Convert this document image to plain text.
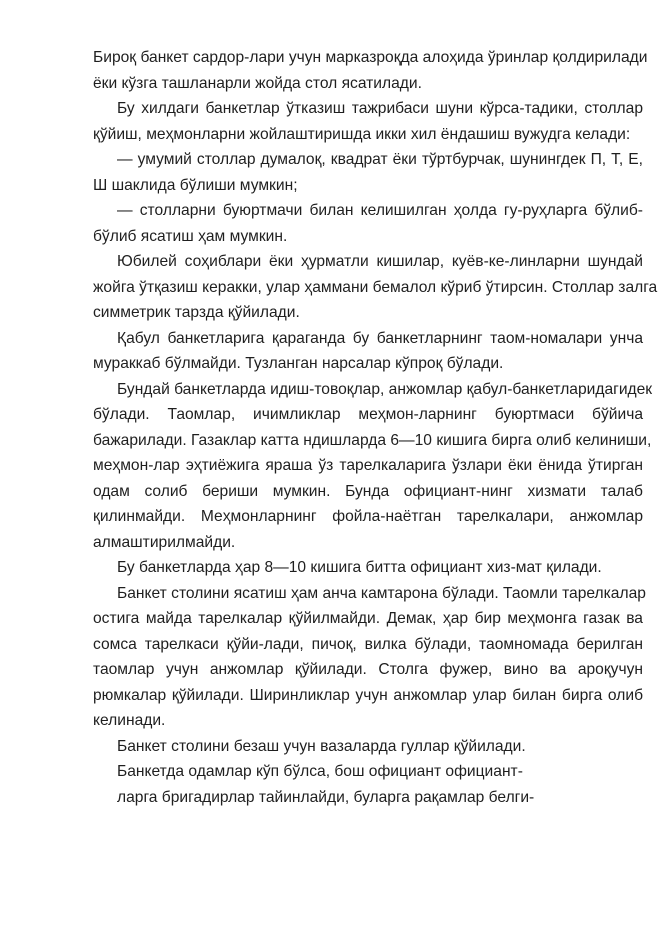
Бироқ банкет сардор-лари учун марказроқда алоҳида ўринлар қолдирилади
ёки кўзга ташланарли жойда стол ясатилади.
Бу хилдаги банкетлар ўтказиш тажрибаси шуни кўрса-тадики, столлар
қўйиш, меҳмонларни жойлаштиришда икки хил ёндашиш вужудга келади:
— умумий столлар думалоқ, квадрат ёки тўртбурчак, шунингдек П, Т, Е,
Ш шаклида бўлиши мумкин;
— столларни буюртмачи билан келишилган ҳолда гу-руҳларга бўлиб-
бўлиб ясатиш ҳам мумкин.
Юбилей соҳиблари ёки ҳурматли кишилар, куёв-ке-линларни шундай
жойга ўтқазиш керакки, улар ҳаммани бемалол кўриб ўтирсин. Столлар залга
симметрик тарзда қўйилади.
Қабул банкетларига қараганда бу банкетларнинг таом-номалари унча
мураккаб бўлмайди. Тузланган нарсалар кўпроқ бўлади.
Бундай банкетларда идиш-товоқлар, анжомлар қабул-банкетларидагидек
бўлади. Таомлар, ичимликлар меҳмон-ларнинг буюртмаси бўйича
бажарилади. Газаклар катта ндишларда 6—10 кишига бирга олиб келиниши,
меҳмон-лар эҳтиёжига яраша ўз тарелкаларига ўзлари ёки ёнида ўтирган
одам солиб бериши мумкин. Бунда официант-нинг хизмати талаб
қилинмайди. Меҳмонларнинг фойла-наётган тарелкалари, анжомлар
алмаштирилмайди.
Бу банкетларда ҳар 8—10 кишига битта официант хиз-мат қилади.
Банкет столини ясатиш ҳам анча камтарона бўлади. Таомли тарелкалар
остига майда тарелкалар қўйилмайди. Демак, ҳар бир меҳмонга газак ва
сомса тарелкаси қўйи-лади, пичоқ, вилка бўлади, таомномада берилган
таомлар учун анжомлар қўйилади. Столга фужер, вино ва ароқучун
рюмкалар қўйилади. Ширинликлар учун анжомлар улар билан бирга олиб
келинади.
Банкет столини безаш учун вазаларда гуллар қўйилади.
Банкетда одамлар кўп бўлса, бош официант официант-
ларга бригадирлар тайинлайди, буларга рақамлар белги-
